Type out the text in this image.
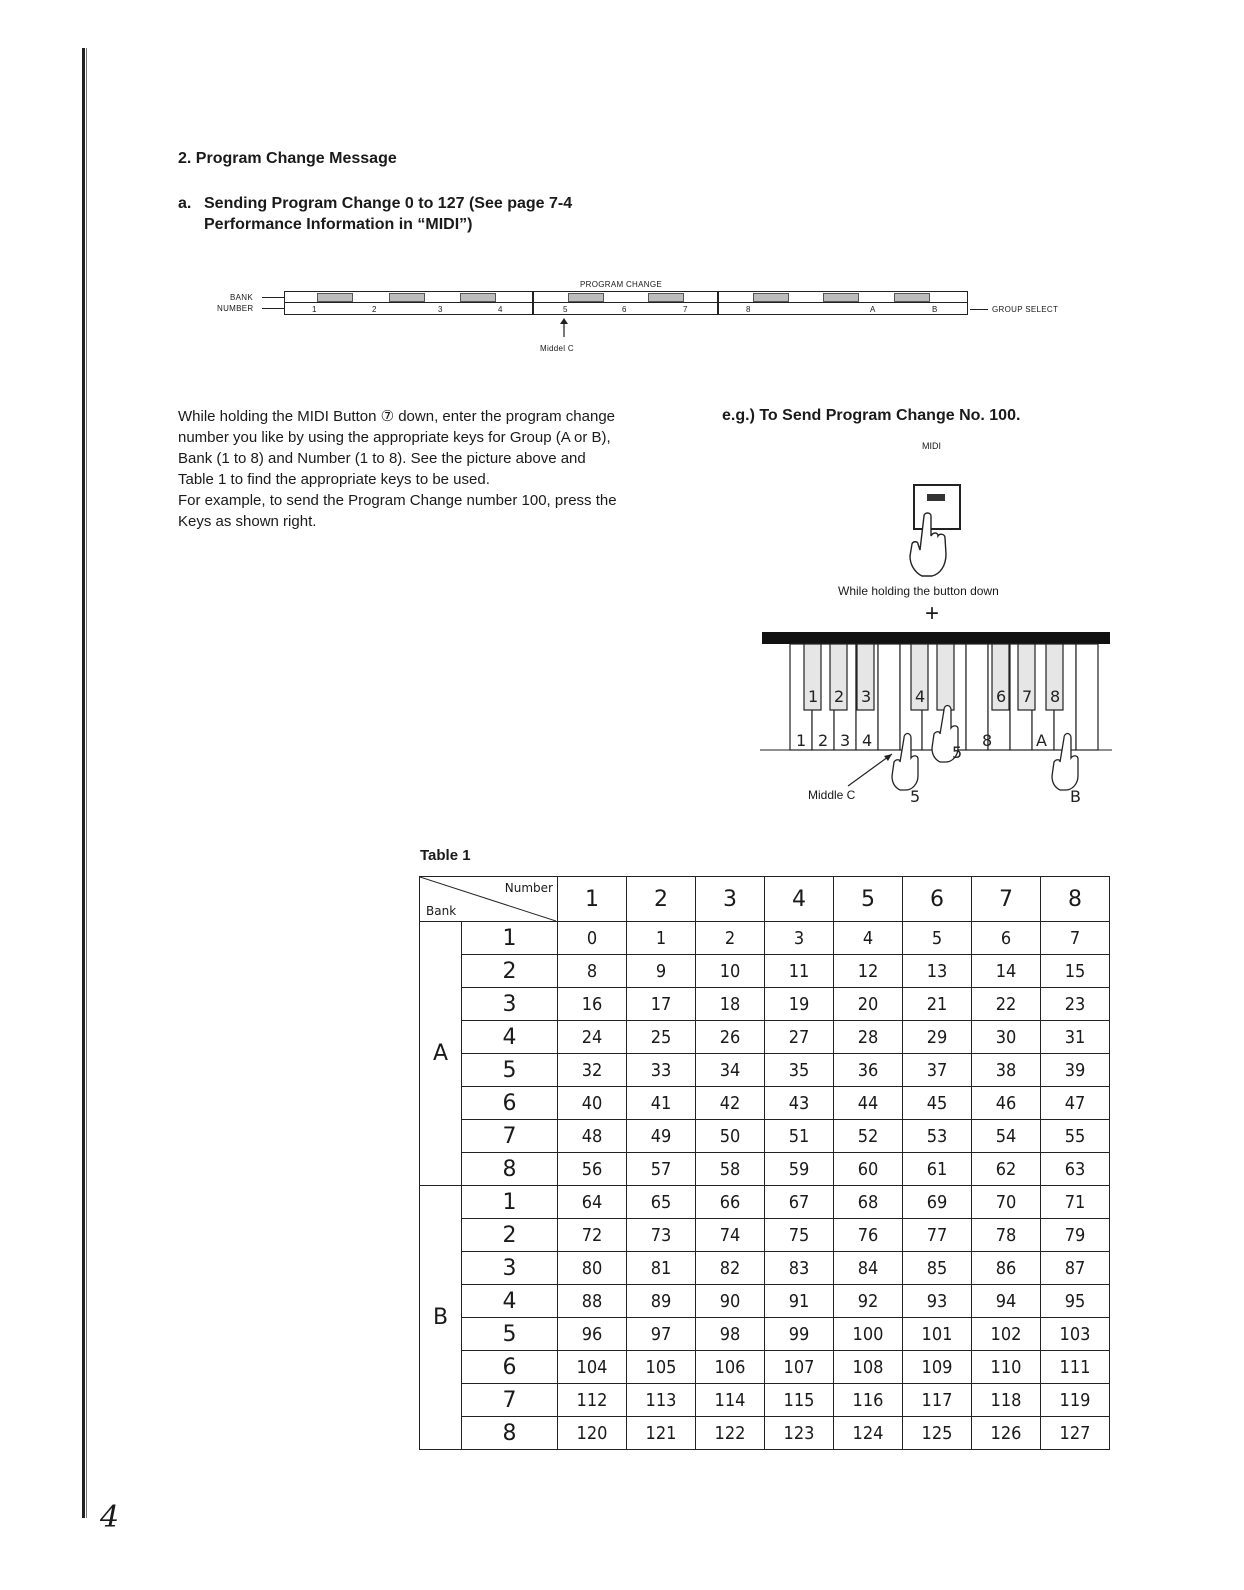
2. Program Change Message
a. Sending Program Change 0 to 127 (See page 7-4
Performance Information in “MIDI”)
PROGRAM CHANGE
BANK
NUMBER	1	2	3	4	5	6	7	8	A	B	GROUP SELECT
Middel C
While holding the MIDI Button ⑦ down, enter the program change number you like by using the appropriate keys for Group (A or B), Bank (1 to 8) and Number (1 to 8). See the picture above and Table 1 to find the appropriate keys to be used.
For example, to send the Program Change number 100, press the Keys as shown right.
e.g.) To Send Program Change No. 100.
MIDI
While holding the button down
+
1 2 3	4	6 7 8
1 2 3 4	8	A
5
5	B
Middle C
Table 1
Number
Bank		1	2	3	4	5	6	7	8
A	1	0	1	2	3	4	5	6	7
	2	8	9	10	11	12	13	14	15
	3	16	17	18	19	20	21	22	23
	4	24	25	26	27	28	29	30	31
	5	32	33	34	35	36	37	38	39
	6	40	41	42	43	44	45	46	47
	7	48	49	50	51	52	53	54	55
	8	56	57	58	59	60	61	62	63
B	1	64	65	66	67	68	69	70	71
	2	72	73	74	75	76	77	78	79
	3	80	81	82	83	84	85	86	87
	4	88	89	90	91	92	93	94	95
	5	96	97	98	99	100	101	102	103
	6	104	105	106	107	108	109	110	111
	7	112	113	114	115	116	117	118	119
	8	120	121	122	123	124	125	126	127
4
